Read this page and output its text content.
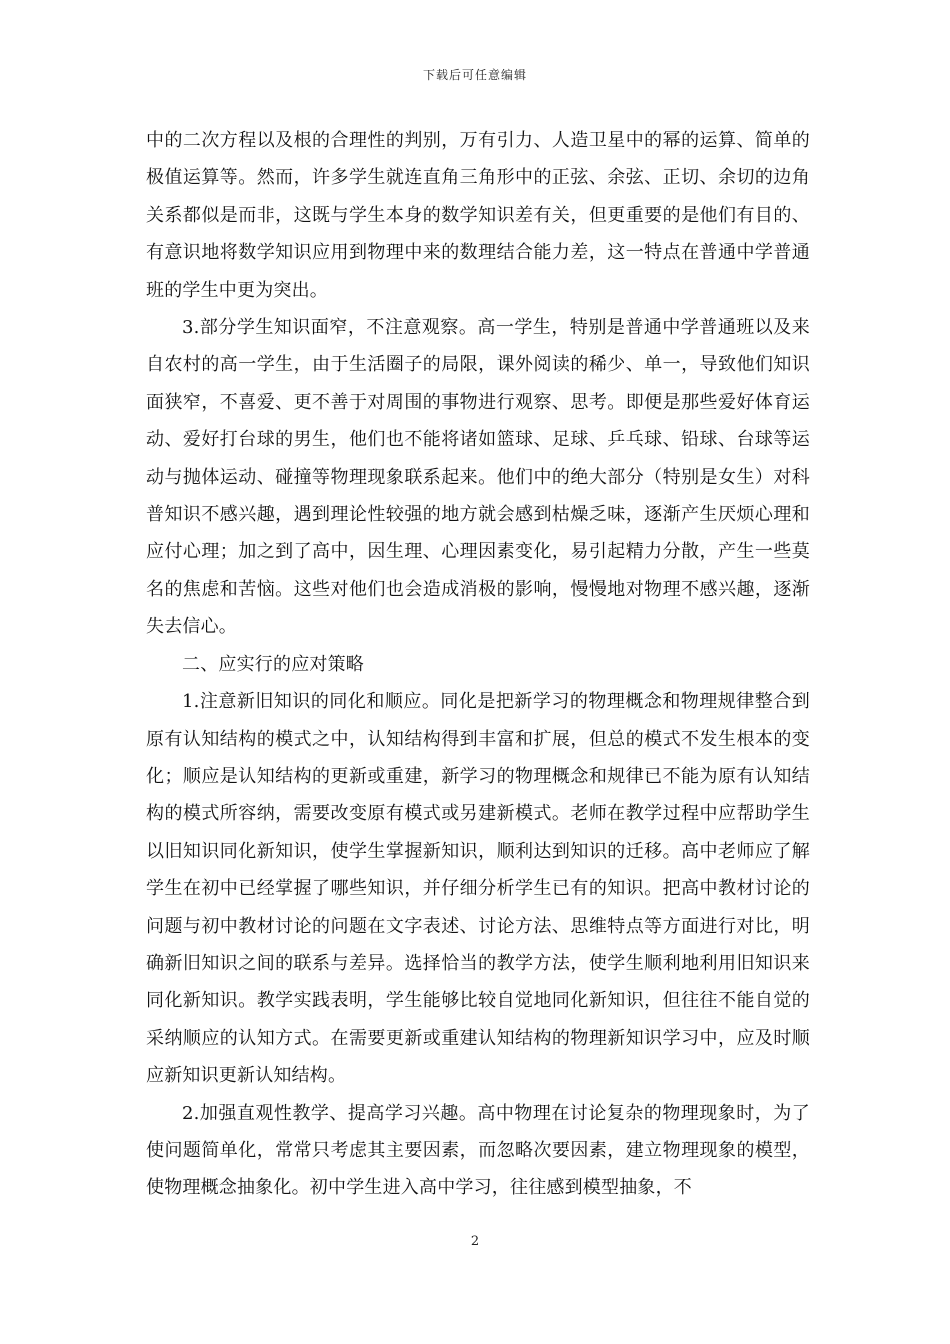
下载后可任意编辑

中的二次方程以及根的合理性的判别，万有引力、人造卫星中的幂的运算、简单的极值运算等。然而，许多学生就连直角三角形中的正弦、余弦、正切、余切的边角关系都似是而非，这既与学生本身的数学知识差有关，但更重要的是他们有目的、有意识地将数学知识应用到物理中来的数理结合能力差，这一特点在普通中学普通班的学生中更为突出。

3.部分学生知识面窄，不注意观察。高一学生，特别是普通中学普通班以及来自农村的高一学生，由于生活圈子的局限，课外阅读的稀少、单一，导致他们知识面狭窄，不喜爱、更不善于对周围的事物进行观察、思考。即便是那些爱好体育运动、爱好打台球的男生，他们也不能将诸如篮球、足球、乒乓球、铅球、台球等运动与抛体运动、碰撞等物理现象联系起来。他们中的绝大部分（特别是女生）对科普知识不感兴趣，遇到理论性较强的地方就会感到枯燥乏味，逐渐产生厌烦心理和应付心理；加之到了高中，因生理、心理因素变化，易引起精力分散，产生一些莫名的焦虑和苦恼。这些对他们也会造成消极的影响，慢慢地对物理不感兴趣，逐渐失去信心。

二、应实行的应对策略

1.注意新旧知识的同化和顺应。同化是把新学习的物理概念和物理规律整合到原有认知结构的模式之中，认知结构得到丰富和扩展，但总的模式不发生根本的变化；顺应是认知结构的更新或重建，新学习的物理概念和规律已不能为原有认知结构的模式所容纳，需要改变原有模式或另建新模式。老师在教学过程中应帮助学生以旧知识同化新知识，使学生掌握新知识，顺利达到知识的迁移。高中老师应了解学生在初中已经掌握了哪些知识，并仔细分析学生已有的知识。把高中教材讨论的问题与初中教材讨论的问题在文字表述、讨论方法、思维特点等方面进行对比，明确新旧知识之间的联系与差异。选择恰当的教学方法，使学生顺利地利用旧知识来同化新知识。教学实践表明，学生能够比较自觉地同化新知识，但往往不能自觉的采纳顺应的认知方式。在需要更新或重建认知结构的物理新知识学习中，应及时顺应新知识更新认知结构。

2.加强直观性教学、提高学习兴趣。高中物理在讨论复杂的物理现象时，为了使问题简单化，常常只考虑其主要因素，而忽略次要因素，建立物理现象的模型，使物理概念抽象化。初中学生进入高中学习，往往感到模型抽象，不

2
